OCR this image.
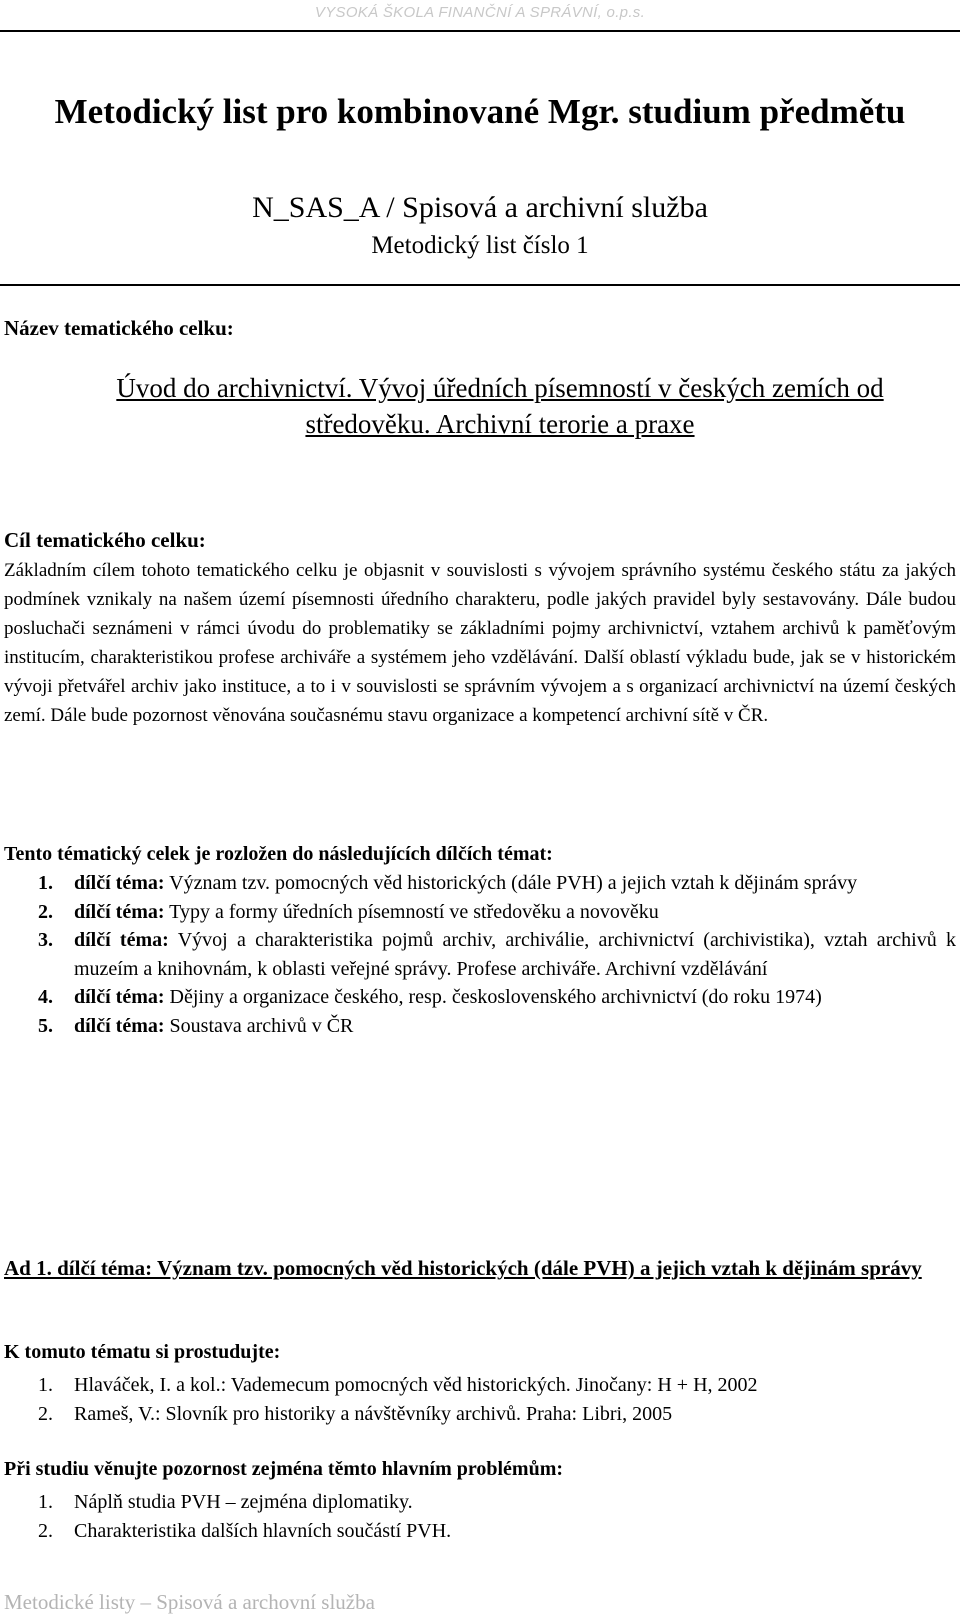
VYSOKÁ ŠKOLA FINANČNÍ A SPRÁVNÍ, o.p.s.
Metodický list pro kombinované Mgr. studium předmětu
N_SAS_A / Spisová a archivní služba
Metodický list číslo 1
Název tematického celku:
Úvod do archivnictví. Vývoj úředních písemností v českých zemích od středověku. Archivní terorie a praxe
Cíl tematického celku:
Základním cílem tohoto tematického celku je objasnit v souvislosti s vývojem správního systému českého státu za jakých podmínek vznikaly na našem území písemnosti úředního charakteru, podle jakých pravidel byly sestavovány. Dále budou posluchači seznámeni v rámci úvodu do problematiky se základními pojmy archivnictví, vztahem archivů k paměťovým institucím, charakteristikou profese archiváře a systémem jeho vzdělávání. Další oblastí výkladu bude, jak se v historickém vývoji přetvářel archiv jako instituce, a to i v souvislosti se správním vývojem a s organizací archivnictví na území českých zemí. Dále bude pozornost věnována současnému stavu organizace a kompetencí archivní sítě v ČR.
Tento tématický celek je rozložen do následujících dílčích témat:
1. dílčí téma: Význam tzv. pomocných věd historických (dále PVH) a jejich vztah k dějinám správy
2. dílčí téma: Typy a formy úředních písemností ve středověku a novověku
3. dílčí téma: Vývoj a charakteristika pojmů archiv, archiválie, archivnictví (archivistika), vztah archivů k muzeím a knihovnám, k oblasti veřejné správy. Profese archiváře. Archivní vzdělávání
4. dílčí téma: Dějiny a organizace českého, resp. československého archivnictví (do roku 1974)
5. dílčí téma: Soustava archivů v ČR
Ad 1. dílčí téma: Význam tzv. pomocných věd historických (dále PVH) a jejich vztah k dějinám správy
K tomuto tématu si prostudujte:
1. Hlaváček, I. a kol.: Vademecum pomocných věd historických. Jinočany: H + H, 2002
2. Rameš, V.: Slovník pro historiky a návštěvníky archivů. Praha: Libri, 2005
Při studiu věnujte pozornost zejména těmto hlavním problémům:
1. Náplň studia PVH – zejména diplomatiky.
2. Charakteristika dalších hlavních součástí PVH.
Metodické listy – Spisová a archovní služba
